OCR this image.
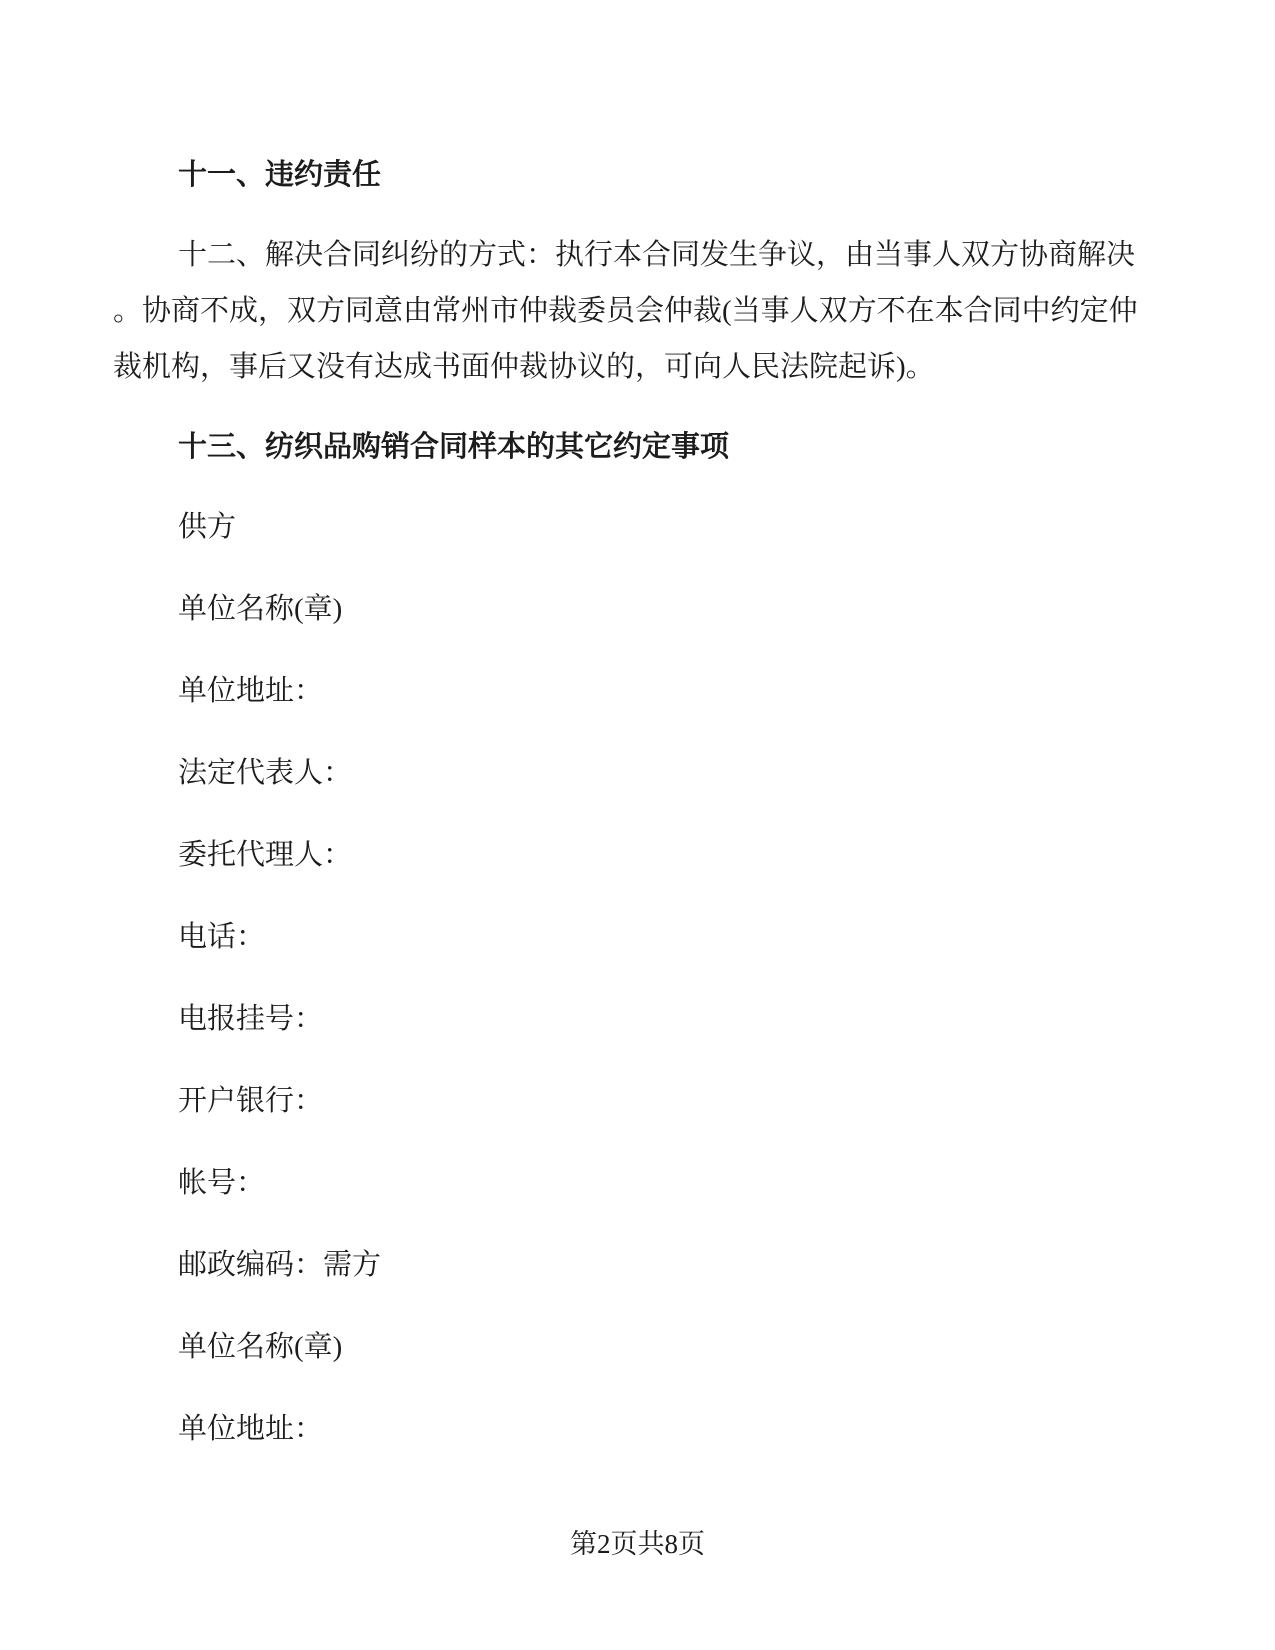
十一、违约责任
十二、解决合同纠纷的方式：执行本合同发生争议，由当事人双方协商解决
。协商不成，双方同意由常州市仲裁委员会仲裁(当事人双方不在本合同中约定仲
裁机构，事后又没有达成书面仲裁协议的，可向人民法院起诉)。
十三、纺织品购销合同样本的其它约定事项
供方
单位名称(章)
单位地址：
法定代表人：
委托代理人：
电话：
电报挂号：
开户银行：
帐号：
邮政编码：需方
单位名称(章)
单位地址：
第2页共8页
